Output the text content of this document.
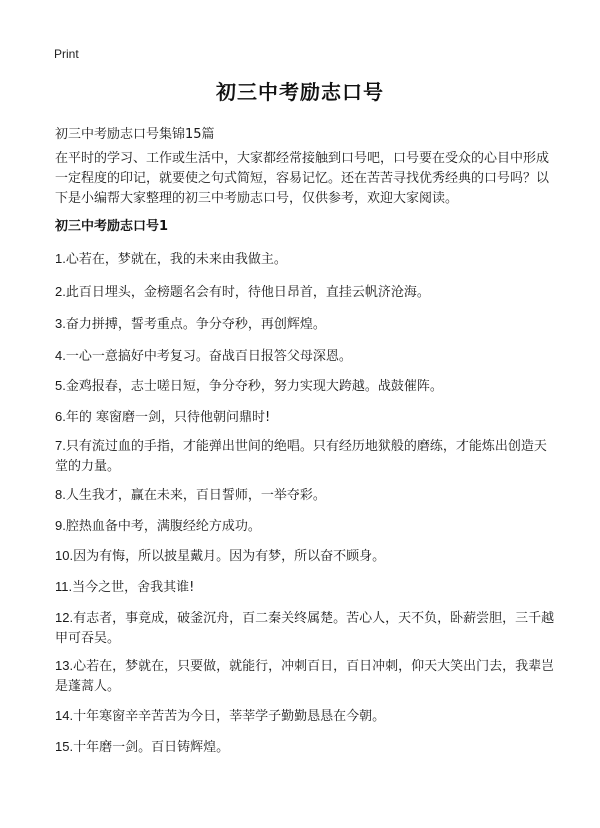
Print
初三中考励志口号
初三中考励志口号集锦15篇
在平时的学习、工作或生活中，大家都经常接触到口号吧，口号要在受众的心目中形成一定程度的印记，就要使之句式简短，容易记忆。还在苦苦寻找优秀经典的口号吗？以下是小编帮大家整理的初三中考励志口号，仅供参考，欢迎大家阅读。
初三中考励志口号1
1.心若在，梦就在，我的未来由我做主。
2.此百日埋头，金榜题名会有时，待他日昂首，直挂云帆济沧海。
3.奋力拼搏，誓考重点。争分夺秒，再创辉煌。
4.一心一意搞好中考复习。奋战百日报答父母深恩。
5.金鸡报春，志士嗟日短，争分夺秒，努力实现大跨越。战鼓催阵。
6.年的 寒窗磨一剑，只待他朝问鼎时!
7.只有流过血的手指，才能弹出世间的绝唱。只有经历地狱般的磨练，才能炼出创造天堂的力量。
8.人生我才，赢在未来，百日誓师，一举夺彩。
9.腔热血备中考，满腹经纶方成功。
10.因为有悔，所以披星戴月。因为有梦，所以奋不顾身。
11.当今之世，舍我其谁!
12.有志者，事竟成，破釜沉舟，百二秦关终属楚。苦心人，天不负，卧薪尝胆，三千越甲可吞吴。
13.心若在，梦就在，只要做，就能行，冲刺百日，百日冲刺，仰天大笑出门去，我辈岂是蓬蒿人。
14.十年寒窗辛辛苦苦为今日，莘莘学子勤勤恳恳在今朝。
15.十年磨一剑。百日铸辉煌。
